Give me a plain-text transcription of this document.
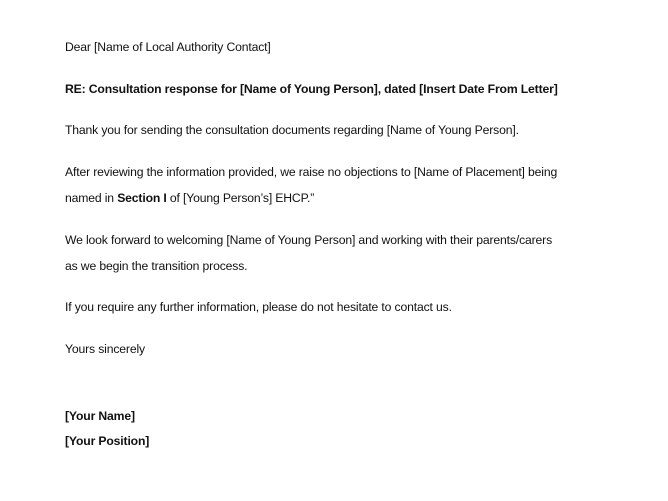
Dear [Name of Local Authority Contact]
RE: Consultation response for [Name of Young Person], dated [Insert Date From Letter]
Thank you for sending the consultation documents regarding [Name of Young Person].
After reviewing the information provided, we raise no objections to [Name of Placement] being
named in Section I of [Young Person’s] EHCP.”
We look forward to welcoming [Name of Young Person] and working with their parents/carers
as we begin the transition process.
If you require any further information, please do not hesitate to contact us.
Yours sincerely
[Your Name]
[Your Position]
